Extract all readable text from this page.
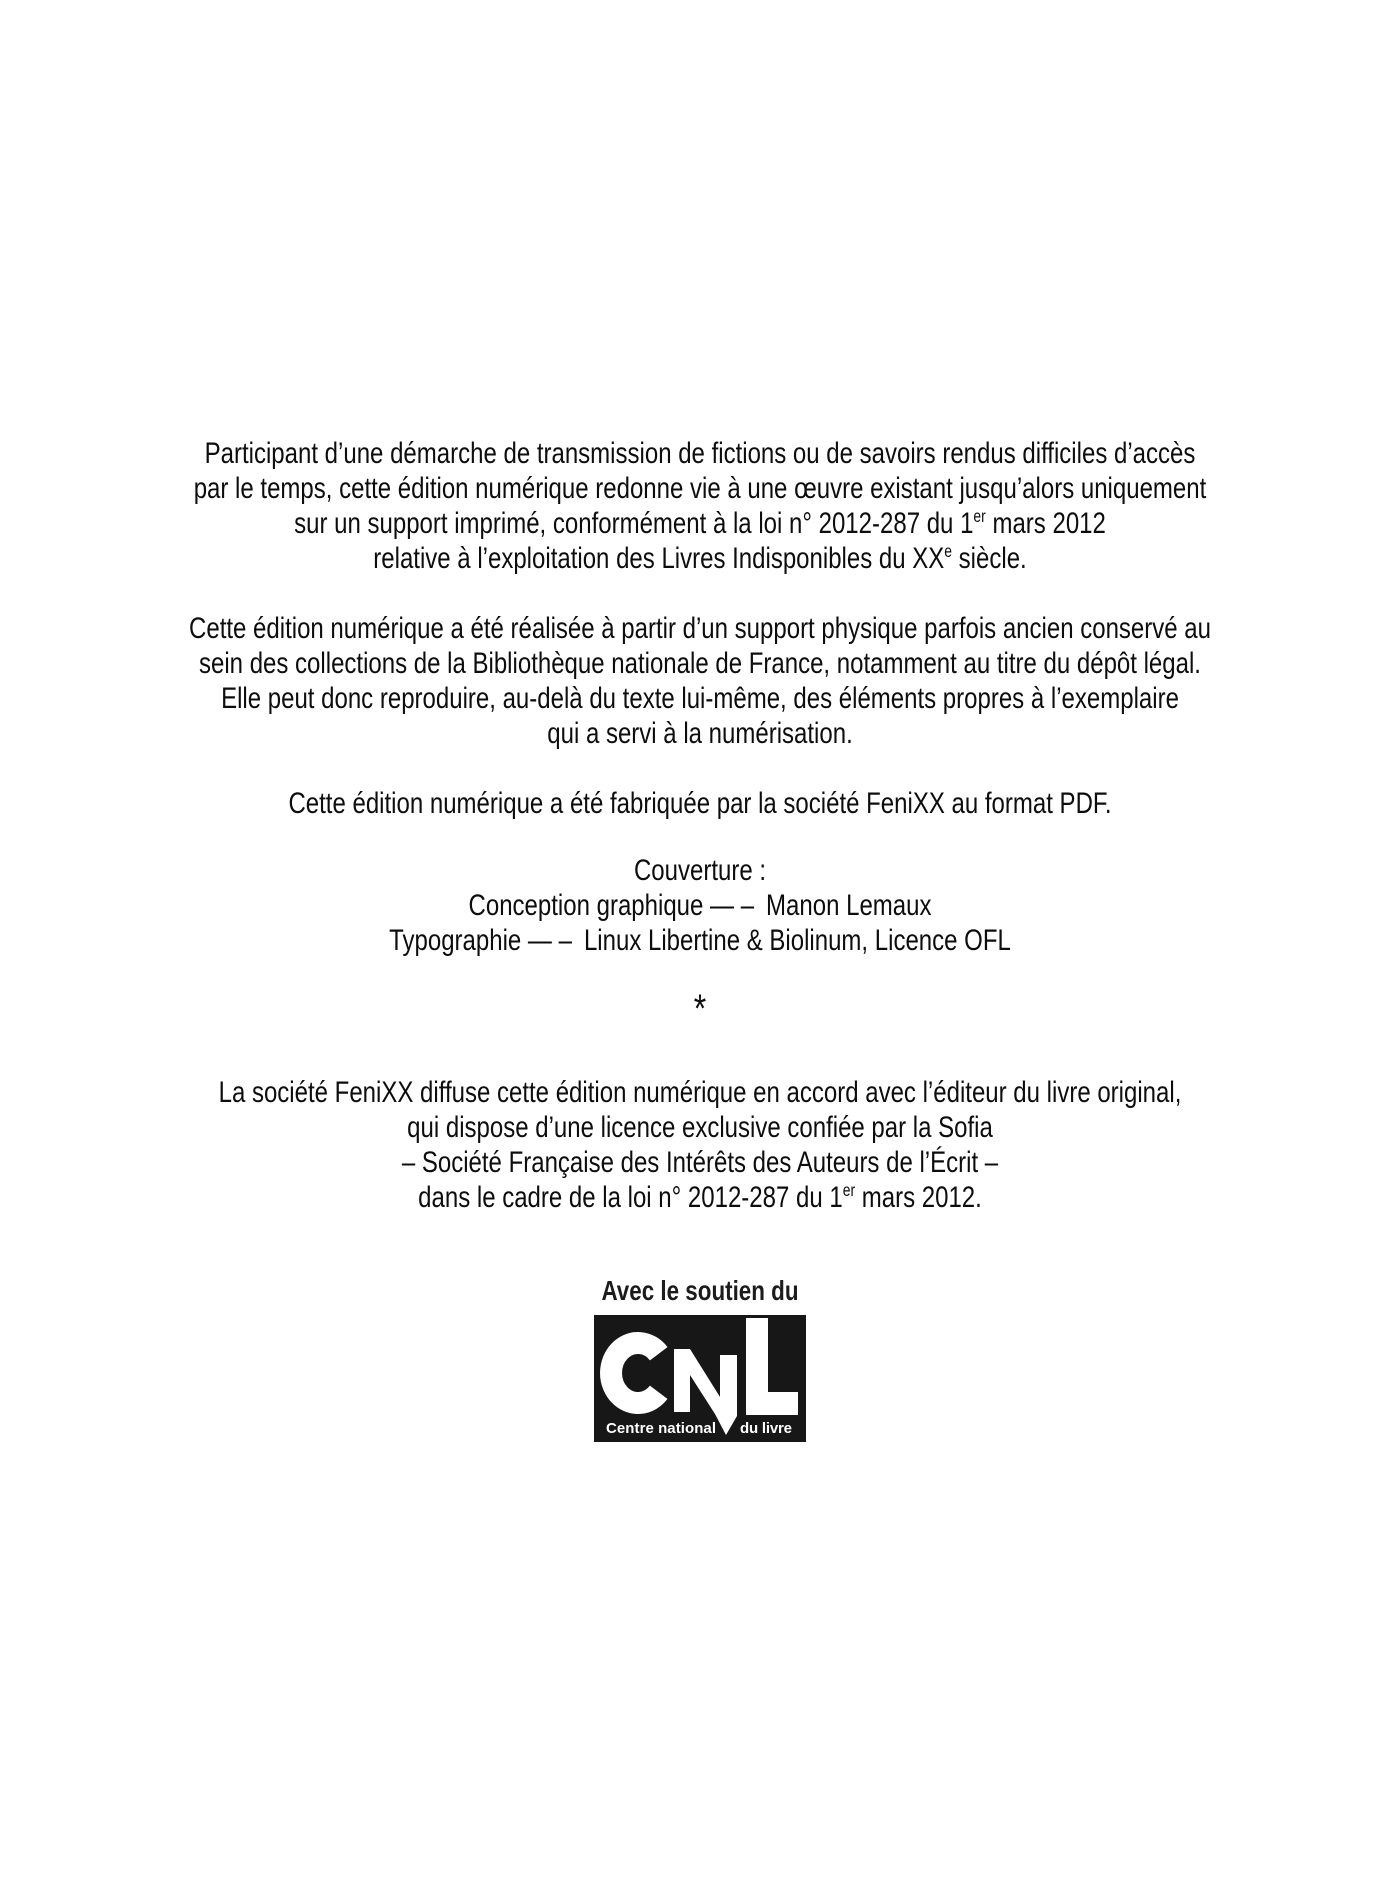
Participant d’une démarche de transmission de fictions ou de savoirs rendus difficiles d’accès
par le temps, cette édition numérique redonne vie à une œuvre existant jusqu’alors uniquement
sur un support imprimé, conformément à la loi n° 2012-287 du 1er mars 2012
relative à l’exploitation des Livres Indisponibles du XXe siècle.
Cette édition numérique a été réalisée à partir d’un support physique parfois ancien conservé au
sein des collections de la Bibliothèque nationale de France, notamment au titre du dépôt légal.
Elle peut donc reproduire, au-delà du texte lui-même, des éléments propres à l’exemplaire
qui a servi à la numérisation.
Cette édition numérique a été fabriquée par la société FeniXX au format PDF.
Couverture :
Conception graphique — – Manon Lemaux
Typographie — – Linux Libertine & Biolinum, Licence OFL
*
La société FeniXX diffuse cette édition numérique en accord avec l’éditeur du livre original,
qui dispose d’une licence exclusive confiée par la Sofia
– Société Française des Intérêts des Auteurs de l’Écrit –
dans le cadre de la loi n° 2012-287 du 1er mars 2012.
Avec le soutien du
Centre national du livre
